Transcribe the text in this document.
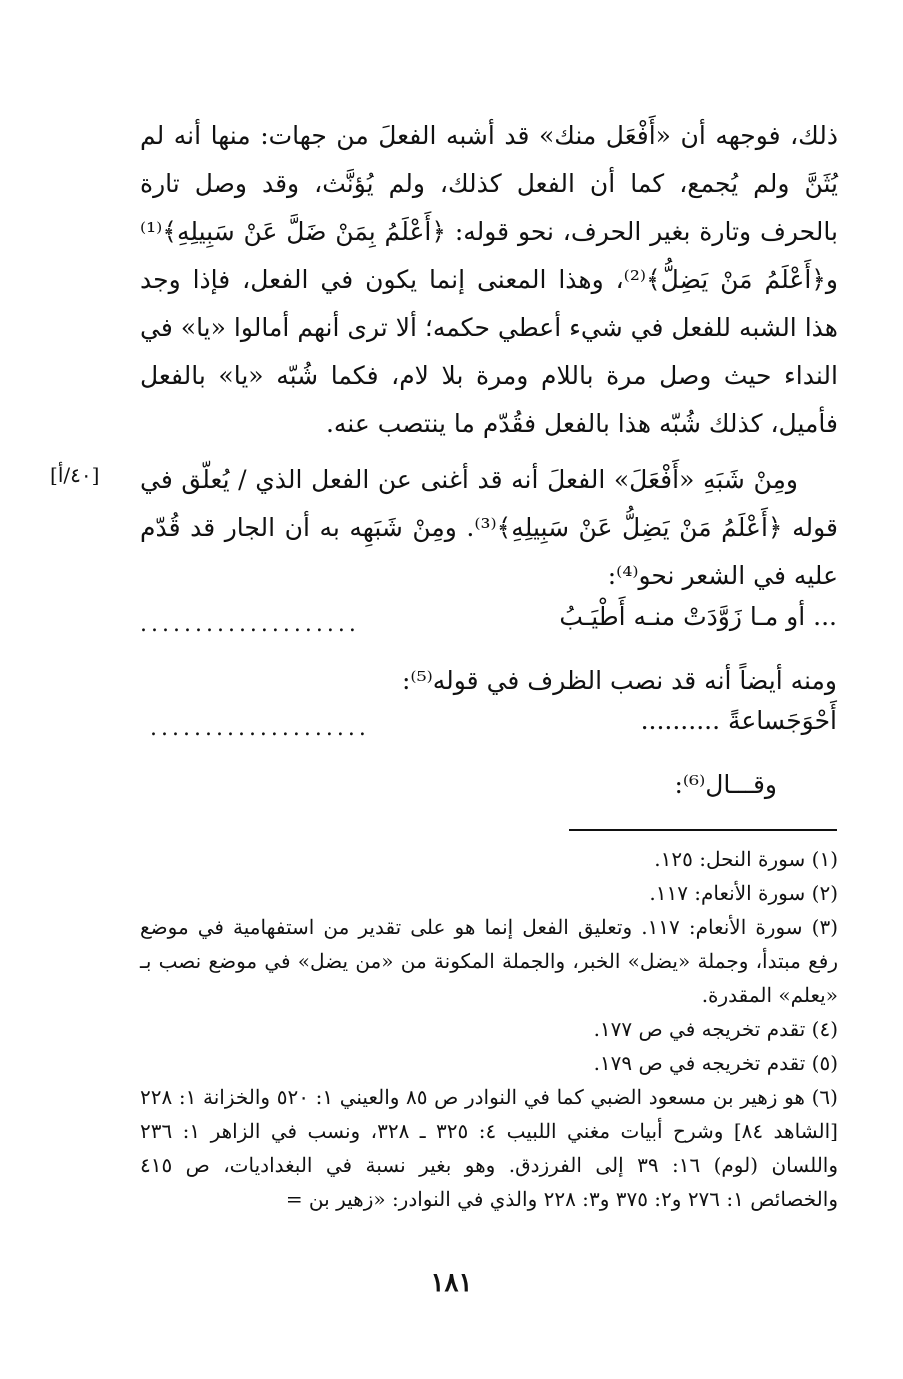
ذلك، فوجهه أن «أَفْعَل منك» قد أشبه الفعلَ من جهات: منها أنه لم يُثَنَّ ولم يُجمع، كما أن الفعل كذلك، ولم يُؤنَّث، وقد وصل تارة بالحرف وتارة بغير الحرف، نحو قوله: ﴿أَعْلَمُ بِمَنْ ضَلَّ عَنْ سَبِيلِهِ﴾⁽¹⁾ و﴿أَعْلَمُ مَنْ يَضِلُّ﴾⁽²⁾، وهذا المعنى إنما يكون في الفعل، فإذا وجد هذا الشبه للفعل في شيء أعطي حكمه؛ ألا ترى أنهم أمالوا «يا» في النداء حيث وصل مرة باللام ومرة بلا لام، فكما شُبّه «يا» بالفعل فأميل، كذلك شُبّه هذا بالفعل فقُدّم ما ينتصب عنه.

[٤٠/أ]	ومِنْ شَبَهِ «أَفْعَلَ» الفعلَ أنه قد أغنى عن الفعل الذي / يُعلّق في قوله ﴿أَعْلَمُ مَنْ يَضِلُّ عَنْ سَبِيلِهِ﴾⁽³⁾. ومِنْ شَبَهِه به أن الجار قد قُدّم عليه في الشعر نحو⁽⁴⁾:

....................	... أو مـا زَوَّدَتْ منـه أَطْيَـبُ
ومنه أيضاً أنه قد نصب الظرف في قوله⁽⁵⁾:
أَحْوَجَساعةً ..........
....................
وقـــال⁽⁶⁾:

(١) سورة النحل: ١٢٥.

(٢) سورة الأنعام: ١١٧.

(٣) سورة الأنعام: ١١٧. وتعليق الفعل إنما هو على تقدير من استفهامية في موضع رفع مبتدأ، وجملة «يضل» الخبر، والجملة المكونة من «من يضل» في موضع نصب بـ «يعلم» المقدرة.

(٤) تقدم تخريجه في ص ١٧٧.

(٥) تقدم تخريجه في ص ١٧٩.

(٦) هو زهير بن مسعود الضبي كما في النوادر ص ٨٥ والعيني ١: ٥٢٠ والخزانة ١: ٢٢٨ [الشاهد ٨٤] وشرح أبيات مغني اللبيب ٤: ٣٢٥ ـ ٣٢٨، ونسب في الزاهر ١: ٢٣٦ واللسان (لوم) ١٦: ٣٩ إلى الفرزدق. وهو بغير نسبة في البغداديات، ص ٤١٥ والخصائص ١: ٢٧٦ و٢: ٣٧٥ و٣: ٢٢٨ والذي في النوادر: «زهير بن =

١٨١
